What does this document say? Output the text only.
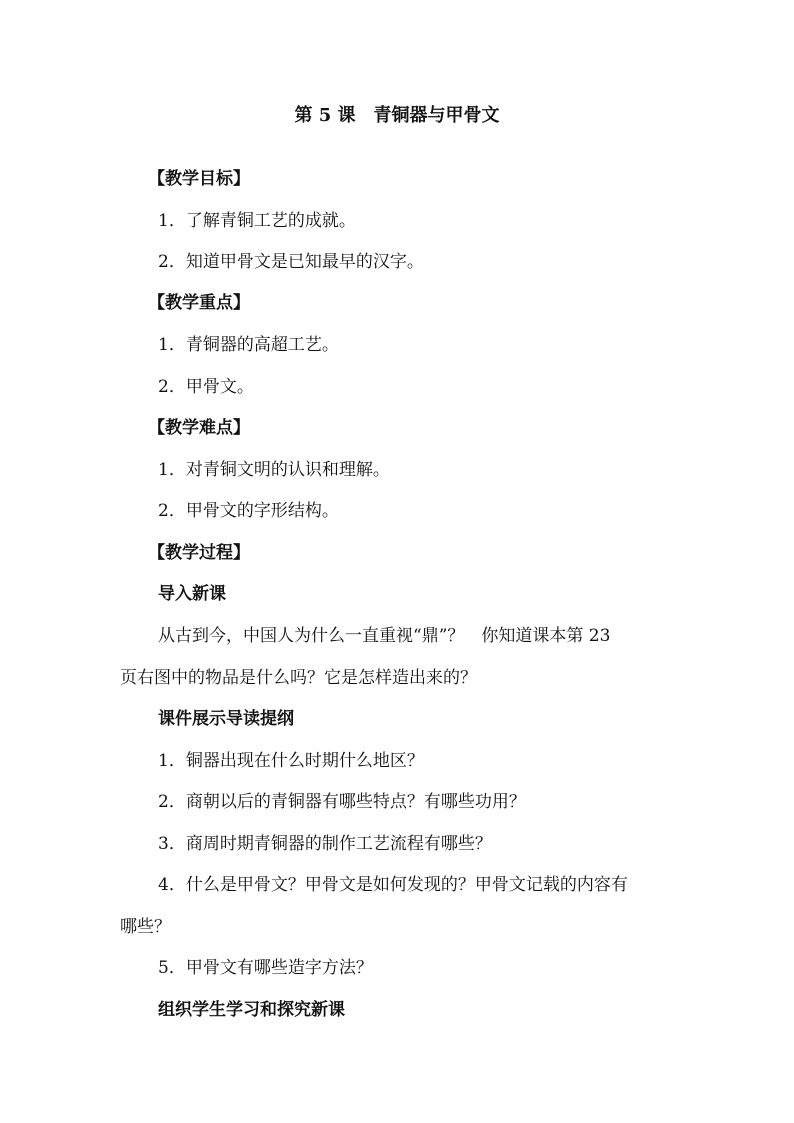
第 5 课　青铜器与甲骨文
【教学目标】
1．了解青铜工艺的成就。
2．知道甲骨文是已知最早的汉字。
【教学重点】
1．青铜器的高超工艺。
2．甲骨文。
【教学难点】
1．对青铜文明的认识和理解。
2．甲骨文的字形结构。
【教学过程】
导入新课
从古到今，中国人为什么一直重视“鼎”？　你知道课本第 23
页右图中的物品是什么吗？它是怎样造出来的？
课件展示导读提纲
1．铜器出现在什么时期什么地区？
2．商朝以后的青铜器有哪些特点？有哪些功用？
3．商周时期青铜器的制作工艺流程有哪些？
4．什么是甲骨文？甲骨文是如何发现的？甲骨文记载的内容有
哪些？
5．甲骨文有哪些造字方法？
组织学生学习和探究新课
